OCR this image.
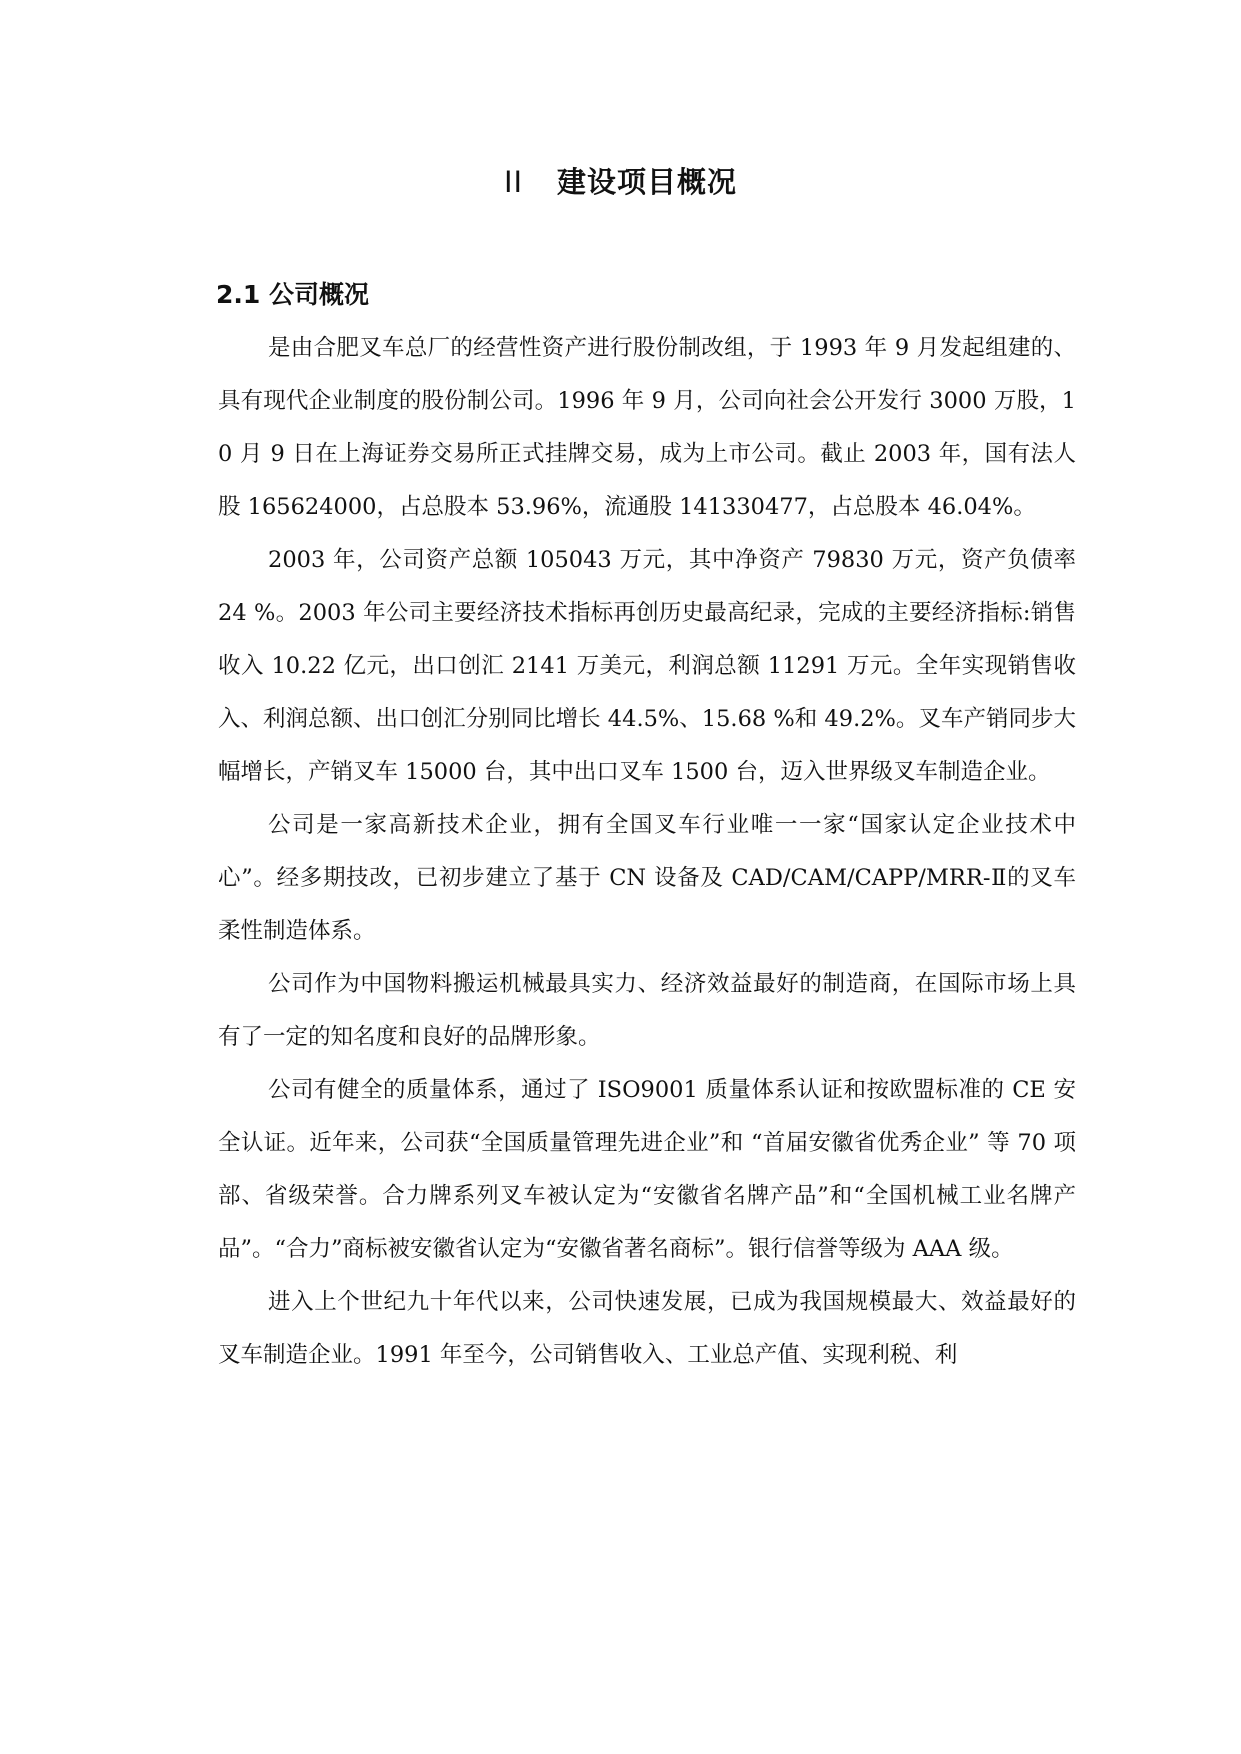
II 建设项目概况
2.1 公司概况

是由合肥叉车总厂的经营性资产进行股份制改组，于 1993 年 9 月发起组建的、具有现代企业制度的股份制公司。1996 年 9 月，公司向社会公开发行 3000 万股，10 月 9 日在上海证券交易所正式挂牌交易，成为上市公司。截止 2003 年，国有法人股 165624000，占总股本 53.96%，流通股 141330477，占总股本 46.04%。

2003 年，公司资产总额 105043 万元，其中净资产 79830 万元，资产负债率 24 %。2003 年公司主要经济技术指标再创历史最高纪录，完成的主要经济指标:销售收入 10.22 亿元，出口创汇 2141 万美元，利润总额 11291 万元。全年实现销售收入、利润总额、出口创汇分别同比增长 44.5%、15.68 %和 49.2%。叉车产销同步大幅增长，产销叉车 15000 台，其中出口叉车 1500 台，迈入世界级叉车制造企业。

公司是一家高新技术企业，拥有全国叉车行业唯一一家“国家认定企业技术中心”。经多期技改，已初步建立了基于 CN 设备及 CAD/CAM/CAPP/MRR-Ⅱ的叉车柔性制造体系。

公司作为中国物料搬运机械最具实力、经济效益最好的制造商，在国际市场上具有了一定的知名度和良好的品牌形象。

公司有健全的质量体系，通过了 ISO9001 质量体系认证和按欧盟标准的 CE 安全认证。近年来，公司获“全国质量管理先进企业”和 “首届安徽省优秀企业” 等 70 项部、省级荣誉。合力牌系列叉车被认定为“安徽省名牌产品”和“全国机械工业名牌产品”。“合力”商标被安徽省认定为“安徽省著名商标”。银行信誉等级为 AAA 级。

进入上个世纪九十年代以来，公司快速发展，已成为我国规模最大、效益最好的叉车制造企业。1991 年至今，公司销售收入、工业总产值、实现利税、利
